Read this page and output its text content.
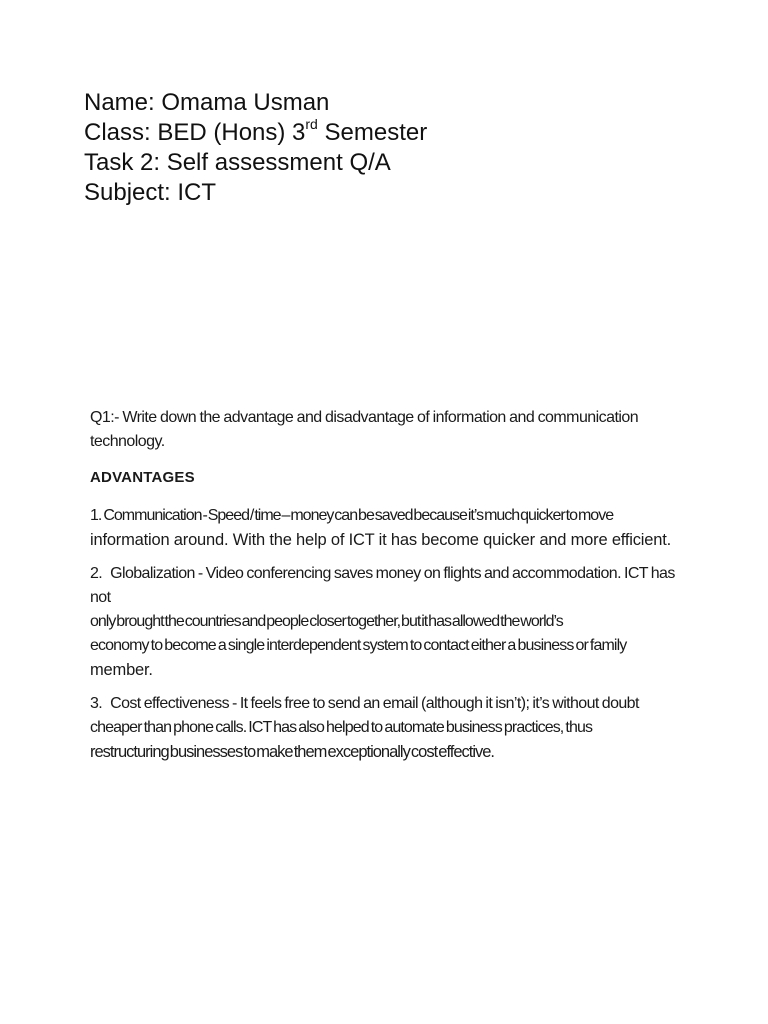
Name: Omama Usman
Class: BED (Hons) 3rd Semester
Task 2: Self assessment Q/A
Subject: ICT
Q1:- Write down the advantage and disadvantage of information and communication
technology.
ADVANTAGES
1. Communication - Speed / time – money can be saved because it’s much quicker to move
information around. With the help of ICT it has become quicker and more efficient.
2. Globalization - Video conferencing saves money on flights and accommodation. ICT has not
only brought the countries and people closer together, but it has allowed the world’s
economy to become a single interdependent system to contact either a business or family
member.
3. Cost effectiveness - It feels free to send an email (although it isn’t); it’s without doubt
cheaper than phone calls. ICT has also helped to automate business practices, thus
restructuring businesses to make them exceptionally cost effective.
